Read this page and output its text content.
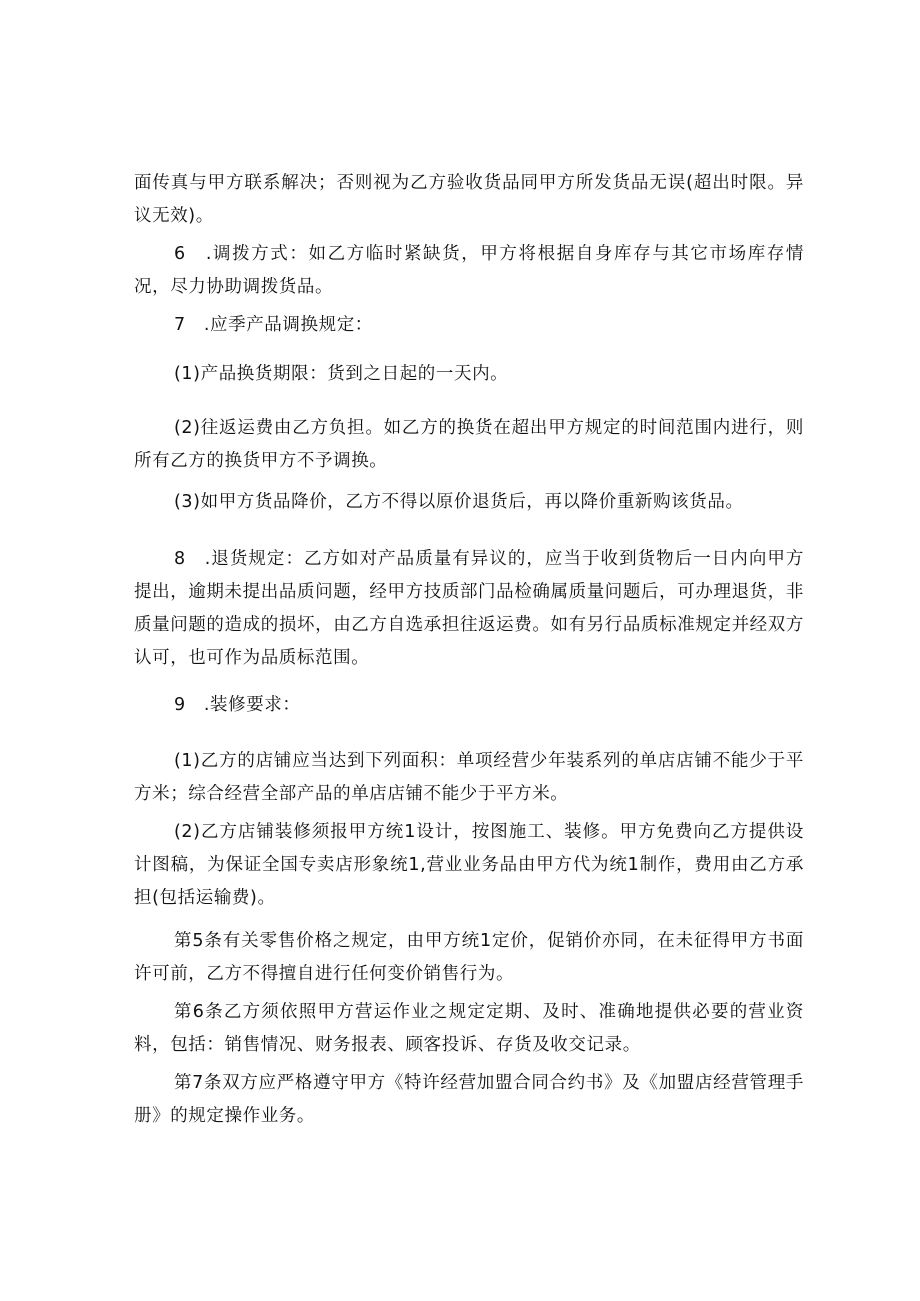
面传真与甲方联系解决；否则视为乙方验收货品同甲方所发货品无误(超出时限。异议无效)。

6　.调拨方式：如乙方临时紧缺货，甲方将根据自身库存与其它市场库存情况，尽力协助调拨货品。

7　.应季产品调换规定：

(1)产品换货期限：货到之日起的一天内。

(2)往返运费由乙方负担。如乙方的换货在超出甲方规定的时间范围内进行，则所有乙方的换货甲方不予调换。

(3)如甲方货品降价，乙方不得以原价退货后，再以降价重新购该货品。

8　.退货规定：乙方如对产品质量有异议的，应当于收到货物后一日内向甲方提出，逾期未提出品质问题，经甲方技质部门品检确属质量问题后，可办理退货，非质量问题的造成的损坏，由乙方自选承担往返运费。如有另行品质标准规定并经双方认可，也可作为品质标范围。

9　.装修要求：

(1)乙方的店铺应当达到下列面积：单项经营少年装系列的单店店铺不能少于平方米；综合经营全部产品的单店店铺不能少于平方米。

(2)乙方店铺装修须报甲方统1设计，按图施工、装修。甲方免费向乙方提供设计图稿，为保证全国专卖店形象统1,营业业务品由甲方代为统1制作，费用由乙方承担(包括运输费)。

第5条有关零售价格之规定，由甲方统1定价，促销价亦同，在未征得甲方书面许可前，乙方不得擅自进行任何变价销售行为。

第6条乙方须依照甲方营运作业之规定定期、及时、准确地提供必要的营业资料，包括：销售情况、财务报表、顾客投诉、存货及收交记录。

第7条双方应严格遵守甲方《特许经营加盟合同合约书》及《加盟店经营管理手册》的规定操作业务。
